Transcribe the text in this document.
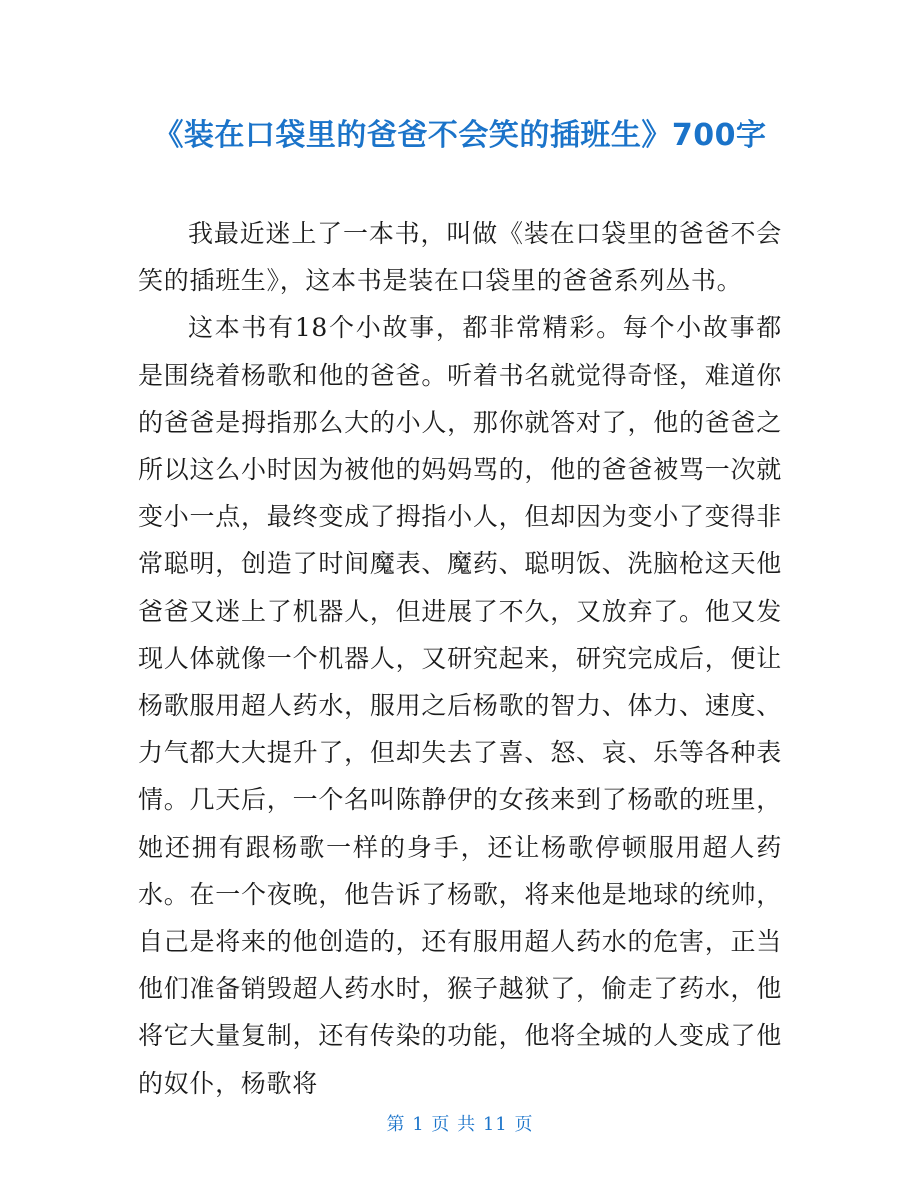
《装在口袋里的爸爸不会笑的插班生》700字

我最近迷上了一本书，叫做《装在口袋里的爸爸不会笑的插班生》，这本书是装在口袋里的爸爸系列丛书。

这本书有18个小故事，都非常精彩。每个小故事都是围绕着杨歌和他的爸爸。听着书名就觉得奇怪，难道你的爸爸是拇指那么大的小人，那你就答对了，他的爸爸之所以这么小时因为被他的妈妈骂的，他的爸爸被骂一次就变小一点，最终变成了拇指小人，但却因为变小了变得非常聪明，创造了时间魔表、魔药、聪明饭、洗脑枪这天他爸爸又迷上了机器人，但进展了不久，又放弃了。他又发现人体就像一个机器人，又研究起来，研究完成后，便让杨歌服用超人药水，服用之后杨歌的智力、体力、速度、力气都大大提升了，但却失去了喜、怒、哀、乐等各种表情。几天后，一个名叫陈静伊的女孩来到了杨歌的班里，她还拥有跟杨歌一样的身手，还让杨歌停顿服用超人药水。在一个夜晚，他告诉了杨歌，将来他是地球的统帅，自己是将来的他创造的，还有服用超人药水的危害，正当他们准备销毁超人药水时，猴子越狱了，偷走了药水，他将它大量复制，还有传染的功能，他将全城的人变成了他的奴仆，杨歌将

第 1 页 共 11 页
